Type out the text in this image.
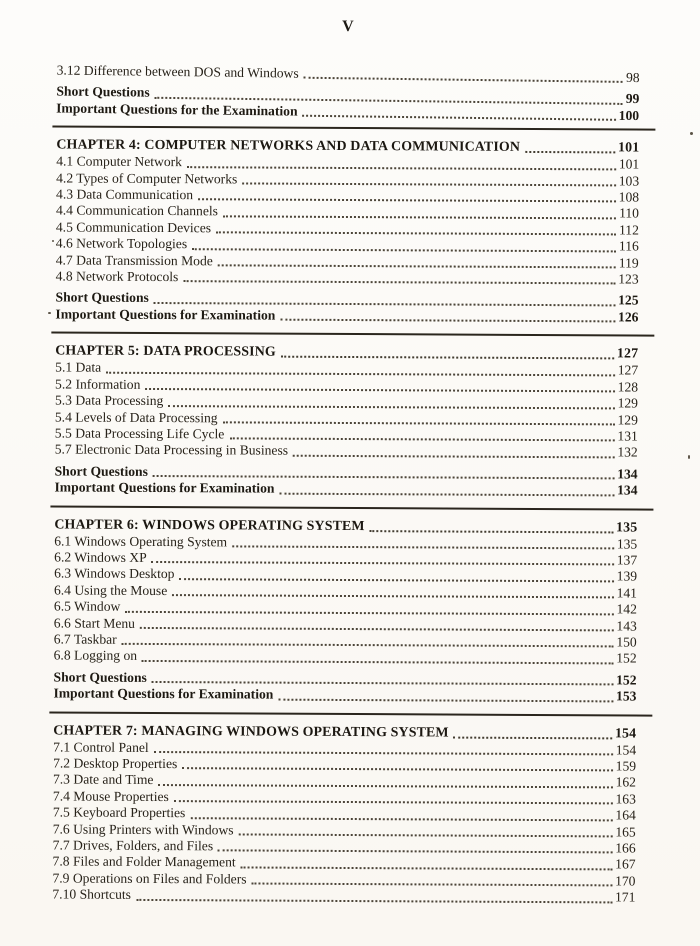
V
3.12 Difference between DOS and Windows	98
Short Questions	99
Important Questions for the Examination	100
CHAPTER 4: COMPUTER NETWORKS AND DATA COMMUNICATION	101
4.1 Computer Network	101
4.2 Types of Computer Networks	103
4.3 Data Communication	108
4.4 Communication Channels	110
4.5 Communication Devices	112
4.6 Network Topologies	116
4.7 Data Transmission Mode	119
4.8 Network Protocols	123
Short Questions	125
Important Questions for Examination	126
CHAPTER 5: DATA PROCESSING	127
5.1 Data	127
5.2 Information	128
5.3 Data Processing	129
5.4 Levels of Data Processing	129
5.5 Data Processing Life Cycle	131
5.7 Electronic Data Processing in Business	132
Short Questions	134
Important Questions for Examination	134
CHAPTER 6: WINDOWS OPERATING SYSTEM	135
6.1 Windows Operating System	135
6.2 Windows XP	137
6.3 Windows Desktop	139
6.4 Using the Mouse	141
6.5 Window	142
6.6 Start Menu	143
6.7 Taskbar	150
6.8 Logging on	152
Short Questions	152
Important Questions for Examination	153
CHAPTER 7: MANAGING WINDOWS OPERATING SYSTEM	154
7.1 Control Panel	154
7.2 Desktop Properties	159
7.3 Date and Time	162
7.4 Mouse Properties	163
7.5 Keyboard Properties	164
7.6 Using Printers with Windows	165
7.7 Drives, Folders, and Files	166
7.8 Files and Folder Management	167
7.9 Operations on Files and Folders	170
7.10 Shortcuts	171
